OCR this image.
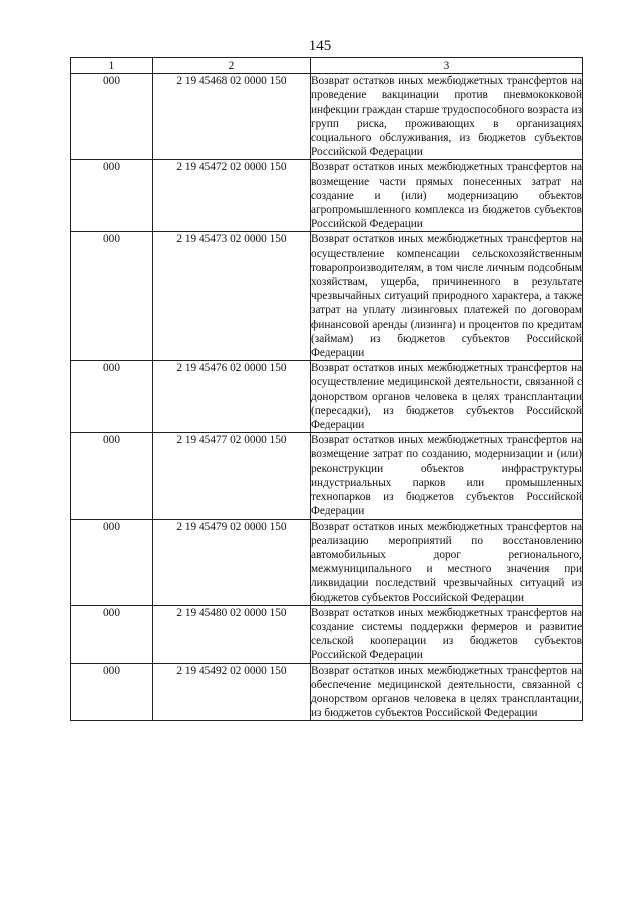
145
1	2	3
000	2 19 45468 02 0000 150	Возврат остатков иных межбюджетных трансфертов на проведение вакцинации против пневмококковой инфекции граждан старше трудоспособного возраста из групп риска, проживающих в организациях социального обслуживания, из бюджетов субъектов Российской Федерации
000	2 19 45472 02 0000 150	Возврат остатков иных межбюджетных трансфертов на возмещение части прямых понесенных затрат на создание и (или) модернизацию объектов агропромышленного комплекса из бюджетов субъектов Российской Федерации
000	2 19 45473 02 0000 150	Возврат остатков иных межбюджетных трансфертов на осуществление компенсации сельскохозяйственным товаропроизводителям, в том числе личным подсобным хозяйствам, ущерба, причиненного в результате чрезвычайных ситуаций природного характера, а также затрат на уплату лизинговых платежей по договорам финансовой аренды (лизинга) и процентов по кредитам (займам) из бюджетов субъектов Российской Федерации
000	2 19 45476 02 0000 150	Возврат остатков иных межбюджетных трансфертов на осуществление медицинской деятельности, связанной с донорством органов человека в целях трансплантации (пересадки), из бюджетов субъектов Российской Федерации
000	2 19 45477 02 0000 150	Возврат остатков иных межбюджетных трансфертов на возмещение затрат по созданию, модернизации и (или) реконструкции объектов инфраструктуры индустриальных парков или промышленных технопарков из бюджетов субъектов Российской Федерации
000	2 19 45479 02 0000 150	Возврат остатков иных межбюджетных трансфертов на реализацию мероприятий по восстановлению автомобильных дорог регионального, межмуниципального и местного значения при ликвидации последствий чрезвычайных ситуаций из бюджетов субъектов Российской Федерации
000	2 19 45480 02 0000 150	Возврат остатков иных межбюджетных трансфертов на создание системы поддержки фермеров и развитие сельской кооперации из бюджетов субъектов Российской Федерации
000	2 19 45492 02 0000 150	Возврат остатков иных межбюджетных трансфертов на обеспечение медицинской деятельности, связанной с донорством органов человека в целях трансплантации, из бюджетов субъектов Российской Федерации
